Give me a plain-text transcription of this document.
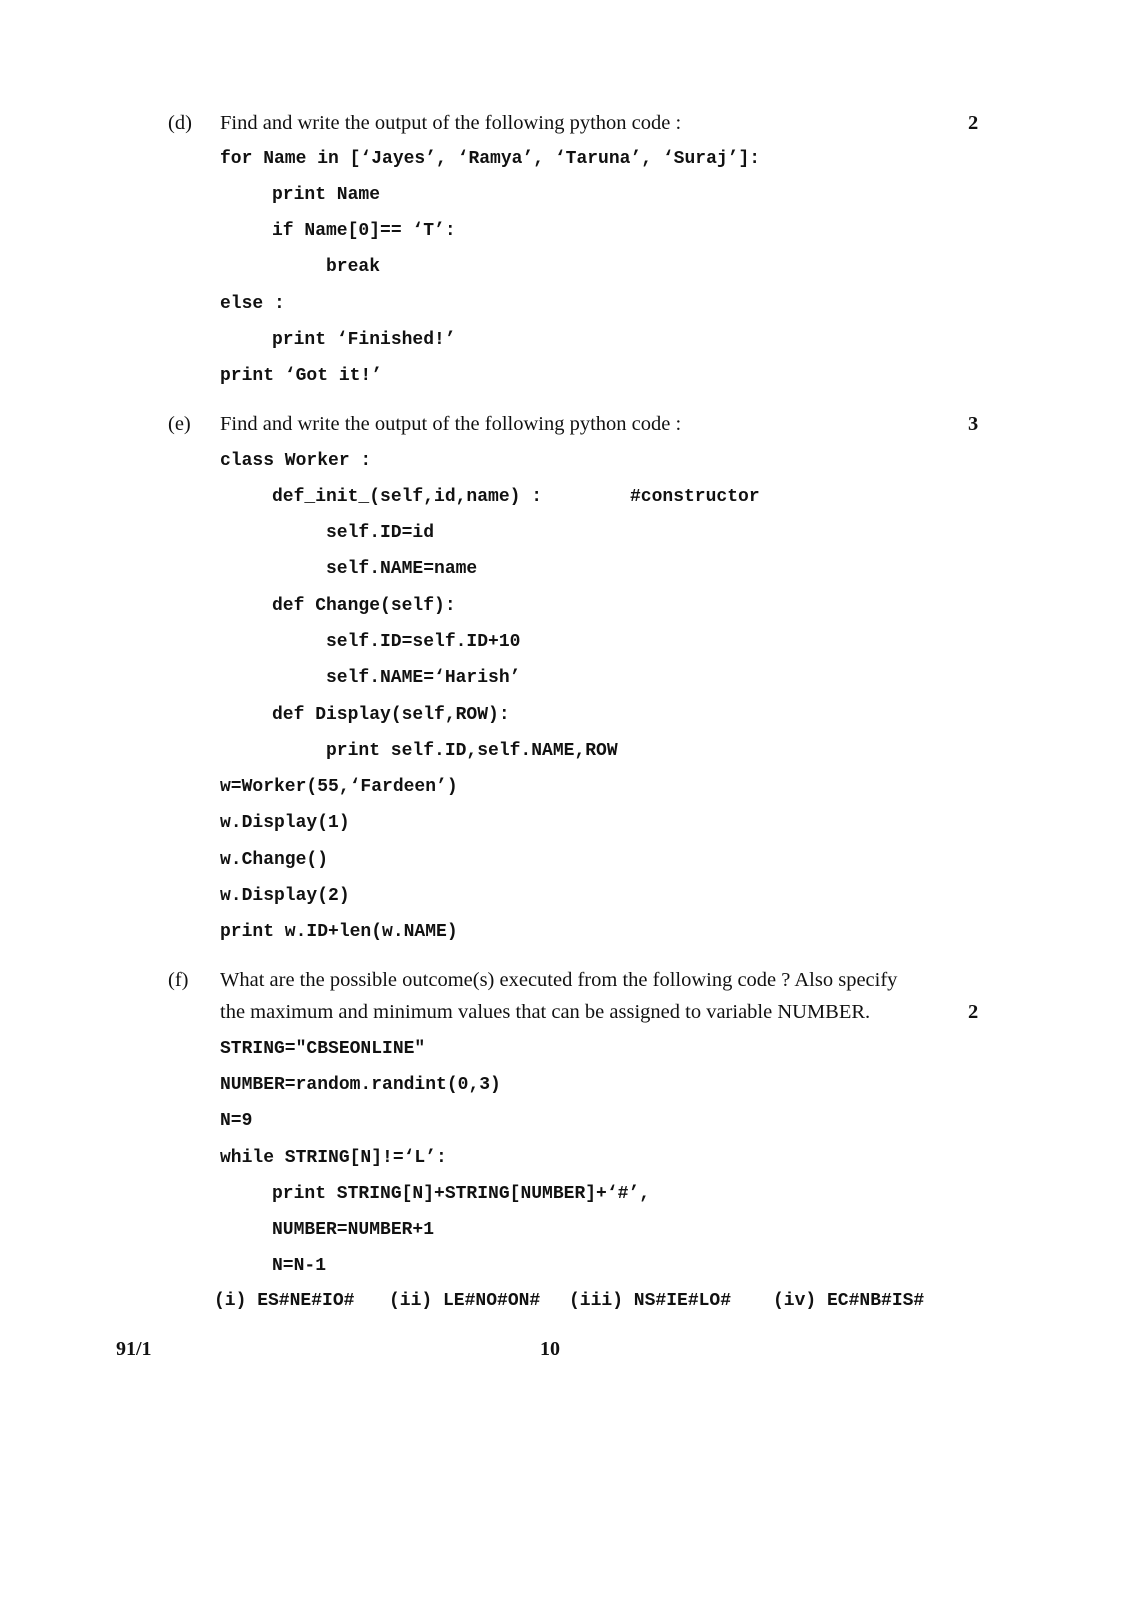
(d) Find and write the output of the following python code :	2
for Name in [‘Jayes’, ‘Ramya’, ‘Taruna’, ‘Suraj’]:
print Name
if Name[0]== ‘T’:
break
else :
print ‘Finished!’
print ‘Got it!’
(e) Find and write the output of the following python code :	3
class Worker :
def_init_(self,id,name) :	#constructor
self.ID=id
self.NAME=name
def Change(self):
self.ID=self.ID+10
self.NAME=‘Harish’
def Display(self,ROW):
print self.ID,self.NAME,ROW
w=Worker(55,‘Fardeen’)
w.Display(1)
w.Change()
w.Display(2)
print w.ID+len(w.NAME)
(f) What are the possible outcome(s) executed from the following code ? Also specify
the maximum and minimum values that can be assigned to variable NUMBER.	2
STRING="CBSEONLINE"
NUMBER=random.randint(0,3)
N=9
while STRING[N]!=‘L’:
print STRING[N]+STRING[NUMBER]+‘#’,
NUMBER=NUMBER+1
N=N-1
(i) ES#NE#IO# (ii) LE#NO#ON# (iii) NS#IE#LO# (iv) EC#NB#IS#
91/1	10
